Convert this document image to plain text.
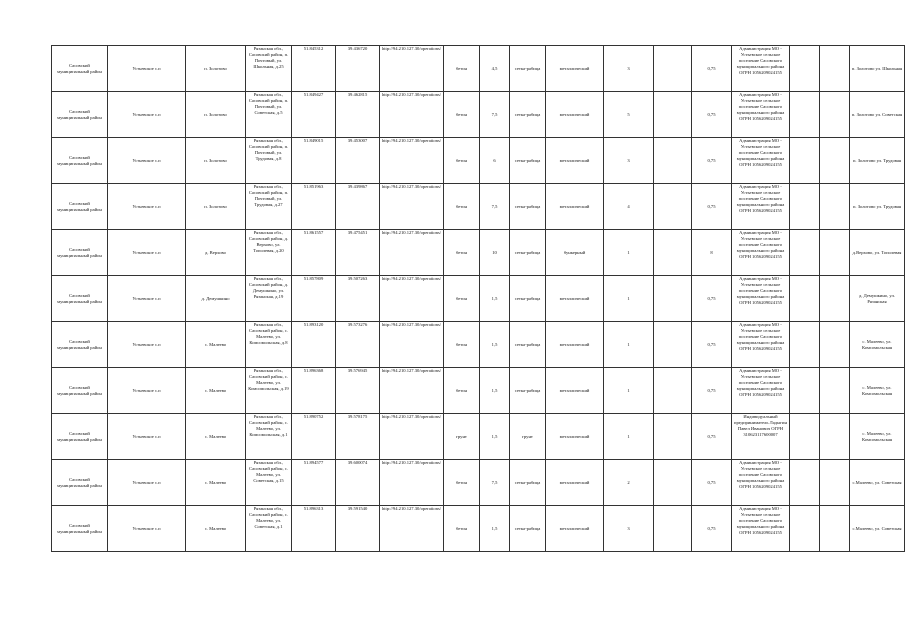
Сасовский муниципальный район	Устьевское с.п	п. Золотово	Рязанская обл., Сасовский район, п. Почтовый, ул. Школьная, д.25	51.845312	39.436720	http://94.210.127.30/operations/	бетон	4,5	сетка-рабица	металлический	3		0,75	Администрация МО - Устьевское сельское поселение Сасовского муниципального района ОГРН 1056209024155			п. Золотово ул. Школьная
Сасовский муниципальный район	Устьевское с.п	п. Золотово	Рязанская обл., Сасовский район, п. Почтовый, ул. Советская, д.5	51.849427	39.462815	http://94.210.127.30/operations/	бетон	7,5	сетка-рабица	металлический	5		0,75	Администрация МО - Устьевское сельское поселение Сасовского муниципального района ОГРН 1056209024155			п. Золотово ул. Советская
Сасовский муниципальный район	Устьевское с.п	п. Золотово	Рязанская обл., Сасовский район, п. Почтовый, ул. Трудовая, д.8	51.849015	39.453007	http://94.210.127.30/operations/	бетон	6	сетка-рабица	металлический	3		0,75	Администрация МО - Устьевское сельское поселение Сасовского муниципального района ОГРН 1056209024155			п. Золотово ул. Трудовая
Сасовский муниципальный район	Устьевское с.п	п. Золотово	Рязанская обл., Сасовский район, п. Почтовый, ул. Трудовая, д.27	51.851963	39.439867	http://94.210.127.30/operations/	бетон	7,5	сетка-рабица	металлический	4		0,75	Администрация МО - Устьевское сельское поселение Сасовского муниципального района ОГРН 1056209024155			п. Золотово ул. Трудовая
Сасовский муниципальный район	Устьевское с.п	д. Верхово	Рязанская обл., Сасовский район, д. Верхово, ул. Тополевая, д.20	51.861557	39.475451	http://94.210.127.30/operations/	бетон	10	сетка-рабица	бункерный	1		8	Администрация МО - Устьевское сельское поселение Сасовского муниципального района ОГРН 1056209024155			д.Верхово, ул. Тополевая
Сасовский муниципальный район	Устьевское с.п	д. Демушкино	Рязанская обл., Сасовский район, д. Демушкино, ул. Рязанская, д.19	51.857809	39.507263	http://94.210.127.30/operations/	бетон	1,5	сетка-рабица	металлический	1		0,75	Администрация МО - Устьевское сельское поселение Сасовского муниципального района ОГРН 1056209024155			д. Демушкино, ул. Рязанская
Сасовский муниципальный район	Устьевское с.п	с. Малеево	Рязанская обл., Сасовский район, с. Малеево, ул. Комсомольская, д.8	51.893120	39.573276	http://94.210.127.30/operations/	бетон	1,5	сетка-рабица	металлический	1		0,75	Администрация МО - Устьевское сельское поселение Сасовского муниципального района ОГРН 1056209024155			с. Малеево, ул. Комсомольская
Сасовский муниципальный район	Устьевское с.п	с. Малеево	Рязанская обл., Сасовский район, с. Малеево, ул. Комсомольская, д.19	51.896368	39.576945	http://94.210.127.30/operations/	бетон	1,5	сетка-рабица	металлический	1		0,75	Администрация МО - Устьевское сельское поселение Сасовского муниципального района ОГРН 1056209024155			с. Малеево, ул. Комсомольская
Сасовский муниципальный район	Устьевское с.п	с. Малеево	Рязанская обл., Сасовский район, с. Малеево, ул. Комсомольская, д.1	51.890752	39.578175	http://94.210.127.30/operations/	грунт	1,5	грунт	металлический	1		0,75	Индивидуальный предприниматель Ладыгин Павел Иванович ОГРН 310623117600007			с. Малеево, ул. Комсомольская
Сасовский муниципальный район	Устьевское с.п	с. Малеево	Рязанская обл., Сасовский район, с. Малеево, ул. Советская, д.15	51.894577	39.600074	http://94.210.127.30/operations/	бетон	7,5	сетка-рабица	металлический	2		0,75	Администрация МО - Устьевское сельское поселение Сасовского муниципального района ОГРН 1056209024155			с.Малеево, ул. Советская
Сасовский муниципальный район	Устьевское с.п	с. Малеево	Рязанская обл., Сасовский район, с. Малеево, ул. Советская, д.1	51.896313	39.591540	http://94.210.127.30/operations/	бетон	1,5	сетка-рабица	металлический	3		0,75	Администрация МО - Устьевское сельское поселение Сасовского муниципального района ОГРН 1056209024155			с.Малеево, ул. Советская
